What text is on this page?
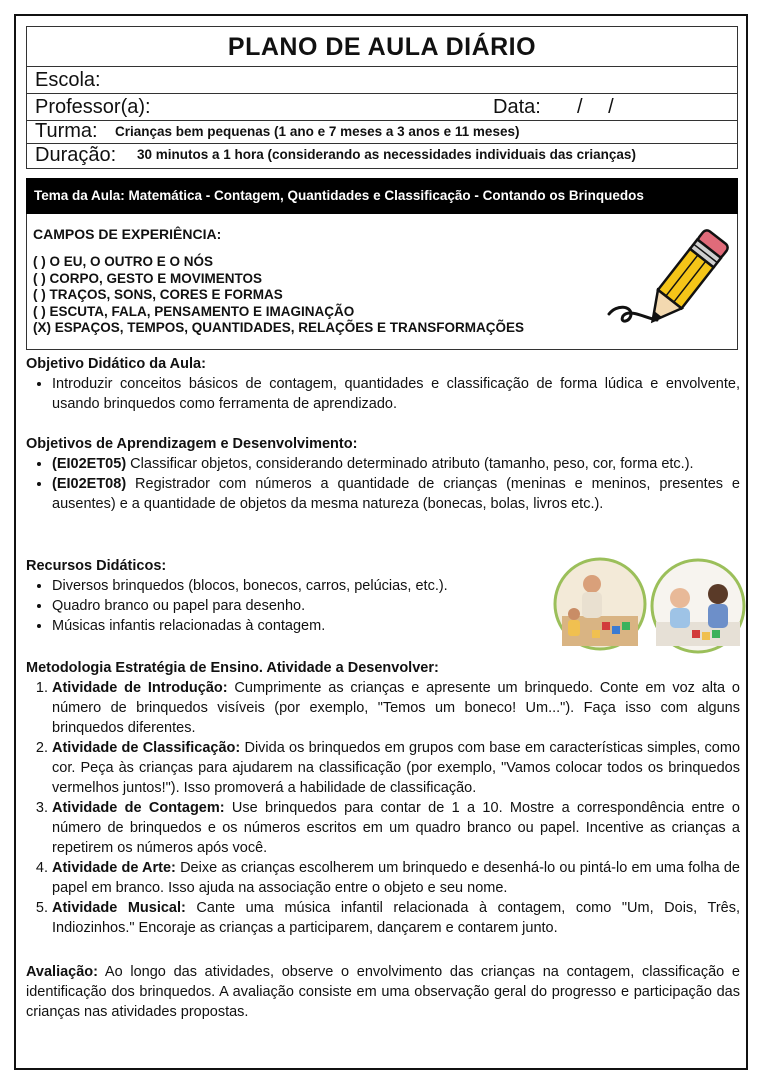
PLANO DE AULA DIÁRIO
Escola:
Professor(a):	Data: / /
Turma: Crianças bem pequenas (1 ano e 7 meses a 3 anos e 11 meses)
Duração: 30 minutos a 1 hora (considerando as necessidades individuais das crianças)
Tema da Aula: Matemática - Contagem, Quantidades e Classificação - Contando os Brinquedos
CAMPOS DE EXPERIÊNCIA:
( ) O EU, O OUTRO E O NÓS
( ) CORPO, GESTO E MOVIMENTOS
( ) TRAÇOS, SONS, CORES E FORMAS
( ) ESCUTA, FALA, PENSAMENTO E IMAGINAÇÃO
(X) ESPAÇOS, TEMPOS, QUANTIDADES, RELAÇÕES E TRANSFORMAÇÕES
Objetivo Didático da Aula:
• Introduzir conceitos básicos de contagem, quantidades e classificação de forma lúdica e envolvente, usando brinquedos como ferramenta de aprendizado.
Objetivos de Aprendizagem e Desenvolvimento:
• (EI02ET05) Classificar objetos, considerando determinado atributo (tamanho, peso, cor, forma etc.).
• (EI02ET08) Registrador com números a quantidade de crianças (meninas e meninos, presentes e ausentes) e a quantidade de objetos da mesma natureza (bonecas, bolas, livros etc.).
Recursos Didáticos:
• Diversos brinquedos (blocos, bonecos, carros, pelúcias, etc.).
• Quadro branco ou papel para desenho.
• Músicas infantis relacionadas à contagem.
Metodologia Estratégia de Ensino. Atividade a Desenvolver:
1. Atividade de Introdução: Cumprimente as crianças e apresente um brinquedo. Conte em voz alta o número de brinquedos visíveis (por exemplo, "Temos um boneco! Um..."). Faça isso com alguns brinquedos diferentes.
2. Atividade de Classificação: Divida os brinquedos em grupos com base em características simples, como cor. Peça às crianças para ajudarem na classificação (por exemplo, "Vamos colocar todos os brinquedos vermelhos juntos!"). Isso promoverá a habilidade de classificação.
3. Atividade de Contagem: Use brinquedos para contar de 1 a 10. Mostre a correspondência entre o número de brinquedos e os números escritos em um quadro branco ou papel. Incentive as crianças a repetirem os números após você.
4. Atividade de Arte: Deixe as crianças escolherem um brinquedo e desenhá-lo ou pintá-lo em uma folha de papel em branco. Isso ajuda na associação entre o objeto e seu nome.
5. Atividade Musical: Cante uma música infantil relacionada à contagem, como "Um, Dois, Três, Indiozinhos." Encoraje as crianças a participarem, dançarem e contarem junto.
Avaliação: Ao longo das atividades, observe o envolvimento das crianças na contagem, classificação e identificação dos brinquedos. A avaliação consiste em uma observação geral do progresso e participação das crianças nas atividades propostas.
